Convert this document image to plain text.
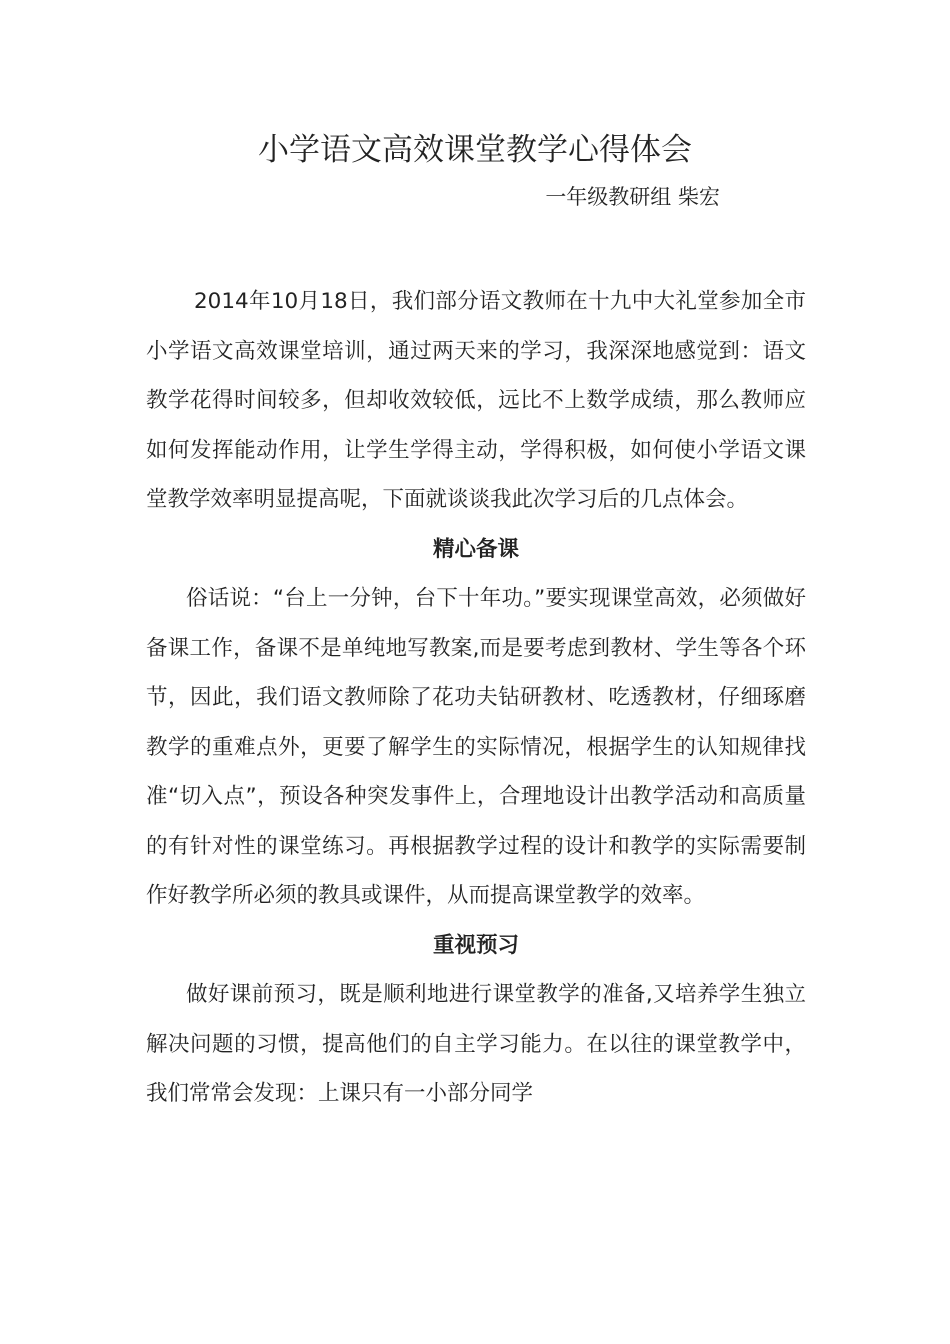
小学语文高效课堂教学心得体会
一年级教研组 柴宏

2014年10月18日，我们部分语文教师在十九中大礼堂参加全市小学语文高效课堂培训，通过两天来的学习，我深深地感觉到：语文教学花得时间较多，但却收效较低，远比不上数学成绩，那么教师应如何发挥能动作用，让学生学得主动，学得积极，如何使小学语文课堂教学效率明显提高呢，下面就谈谈我此次学习后的几点体会。

精心备课

俗话说：“台上一分钟，台下十年功。”要实现课堂高效，必须做好备课工作，备课不是单纯地写教案,而是要考虑到教材、学生等各个环节，因此，我们语文教师除了花功夫钻研教材、吃透教材，仔细琢磨教学的重难点外，更要了解学生的实际情况，根据学生的认知规律找准“切入点”，预设各种突发事件上，合理地设计出教学活动和高质量的有针对性的课堂练习。再根据教学过程的设计和教学的实际需要制作好教学所必须的教具或课件，从而提高课堂教学的效率。

重视预习

做好课前预习，既是顺利地进行课堂教学的准备,又培养学生独立解决问题的习惯，提高他们的自主学习能力。在以往的课堂教学中，我们常常会发现：上课只有一小部分同学
